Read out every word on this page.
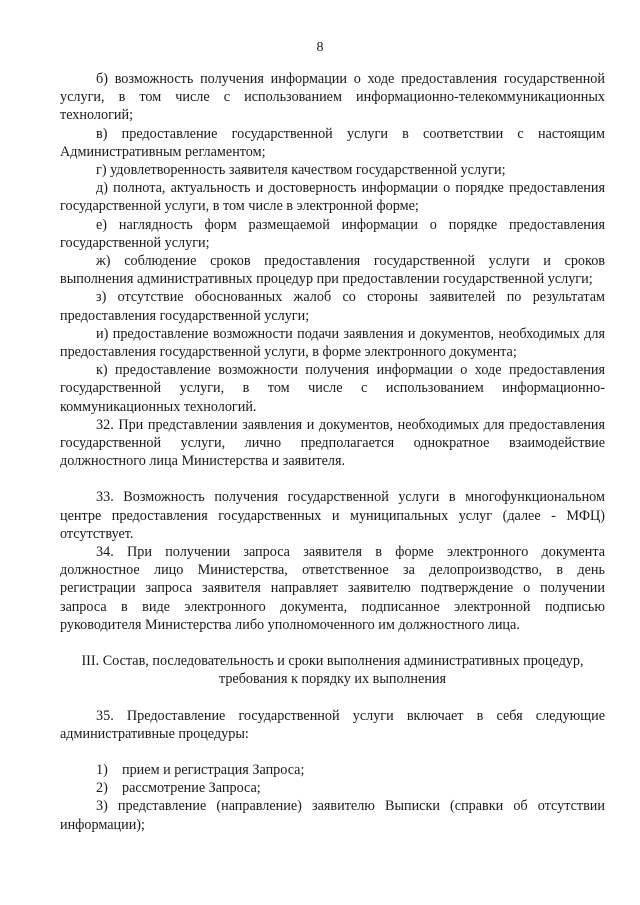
8

б) возможность получения информации о ходе предоставления государственной услуги, в том числе с использованием информационно-телекоммуникационных технологий;

в) предоставление государственной услуги в соответствии с настоящим Административным регламентом;

г) удовлетворенность заявителя качеством государственной услуги;

д) полнота, актуальность и достоверность информации о порядке предоставления государственной услуги, в том числе в электронной форме;

е) наглядность форм размещаемой информации о порядке предоставления государственной услуги;

ж) соблюдение сроков предоставления государственной услуги и сроков выполнения административных процедур при предоставлении государственной услуги;

з) отсутствие обоснованных жалоб со стороны заявителей по результатам предоставления государственной услуги;

и) предоставление возможности подачи заявления и документов, необходимых для предоставления государственной услуги, в форме электронного документа;

к) предоставление возможности получения информации о ходе предоставления государственной услуги, в том числе с использованием информационно-коммуникационных технологий.

32. При представлении заявления и документов, необходимых для предоставления государственной услуги, лично предполагается однократное взаимодействие должностного лица Министерства и заявителя.

33. Возможность получения государственной услуги в многофункциональном центре предоставления государственных и муниципальных услуг (далее - МФЦ) отсутствует.

34. При получении запроса заявителя в форме электронного документа должностное лицо Министерства, ответственное за делопроизводство, в день регистрации запроса заявителя направляет заявителю подтверждение о получении запроса в виде электронного документа, подписанное электронной подписью руководителя Министерства либо уполномоченного им должностного лица.

III. Состав, последовательность и сроки выполнения административных процедур, требования к порядку их выполнения

35. Предоставление государственной услуги включает в себя следующие административные процедуры:

1) прием и регистрация Запроса;
2) рассмотрение Запроса;

3) представление (направление) заявителю Выписки (справки об отсутствии информации);
